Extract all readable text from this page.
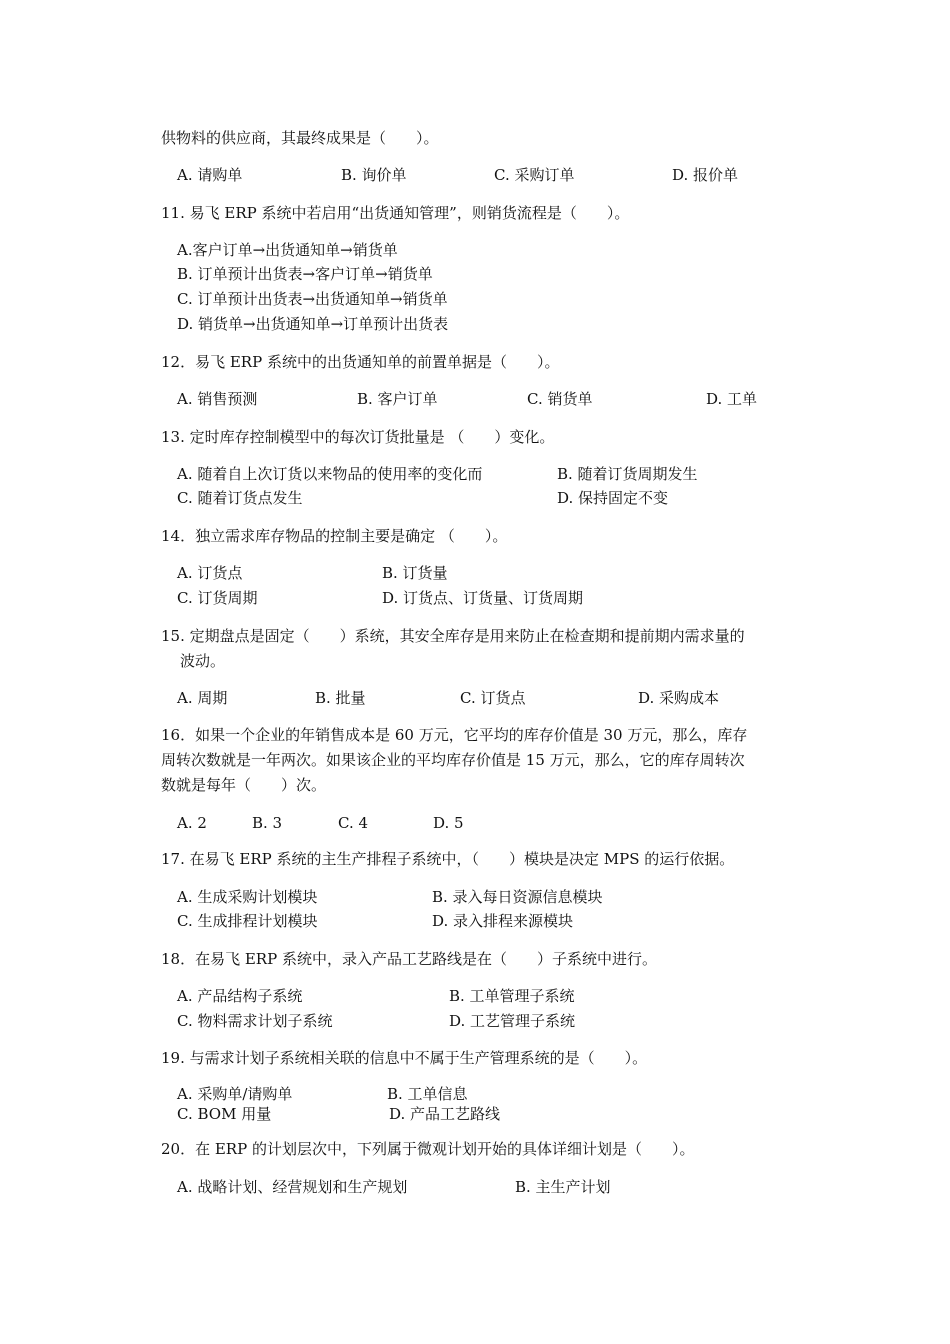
供物料的供应商，其最终成果是（　　）。
A. 请购单	B. 询价单	C. 采购订单	D. 报价单
11. 易飞 ERP 系统中若启用“出货通知管理”，则销货流程是（　　）。
A.客户订单→出货通知单→销货单
B. 订单预计出货表→客户订单→销货单
C. 订单预计出货表→出货通知单→销货单
D. 销货单→出货通知单→订单预计出货表
12．易飞 ERP 系统中的出货通知单的前置单据是（　　）。
A. 销售预测	B. 客户订单	C. 销货单	D. 工单
13. 定时库存控制模型中的每次订货批量是 （　　）变化。
A. 随着自上次订货以来物品的使用率的变化而	B. 随着订货周期发生
C. 随着订货点发生	D. 保持固定不变
14．独立需求库存物品的控制主要是确定 （　　）。
A. 订货点	B. 订货量
C. 订货周期	D. 订货点、订货量、订货周期
15. 定期盘点是固定（　　）系统，其安全库存是用来防止在检查期和提前期内需求量的
波动。
A. 周期	B. 批量	C. 订货点	D. 采购成本
16．如果一个企业的年销售成本是 60 万元，它平均的库存价值是 30 万元，那么，库存
周转次数就是一年两次。如果该企业的平均库存价值是 15 万元，那么，它的库存周转次
数就是每年（　　）次。
A. 2	B. 3	C. 4	D. 5
17. 在易飞 ERP 系统的主生产排程子系统中，（　　）模块是决定 MPS 的运行依据。
A. 生成采购计划模块	B. 录入每日资源信息模块
C. 生成排程计划模块	D. 录入排程来源模块
18．在易飞 ERP 系统中，录入产品工艺路线是在（　　）子系统中进行。
A. 产品结构子系统	B. 工单管理子系统
C. 物料需求计划子系统	D. 工艺管理子系统
19. 与需求计划子系统相关联的信息中不属于生产管理系统的是（　　）。
A. 采购单/请购单	B. 工单信息
C. BOM 用量	D. 产品工艺路线
20．在 ERP 的计划层次中，下列属于微观计划开始的具体详细计划是（　　）。
A. 战略计划、经营规划和生产规划	B. 主生产计划
